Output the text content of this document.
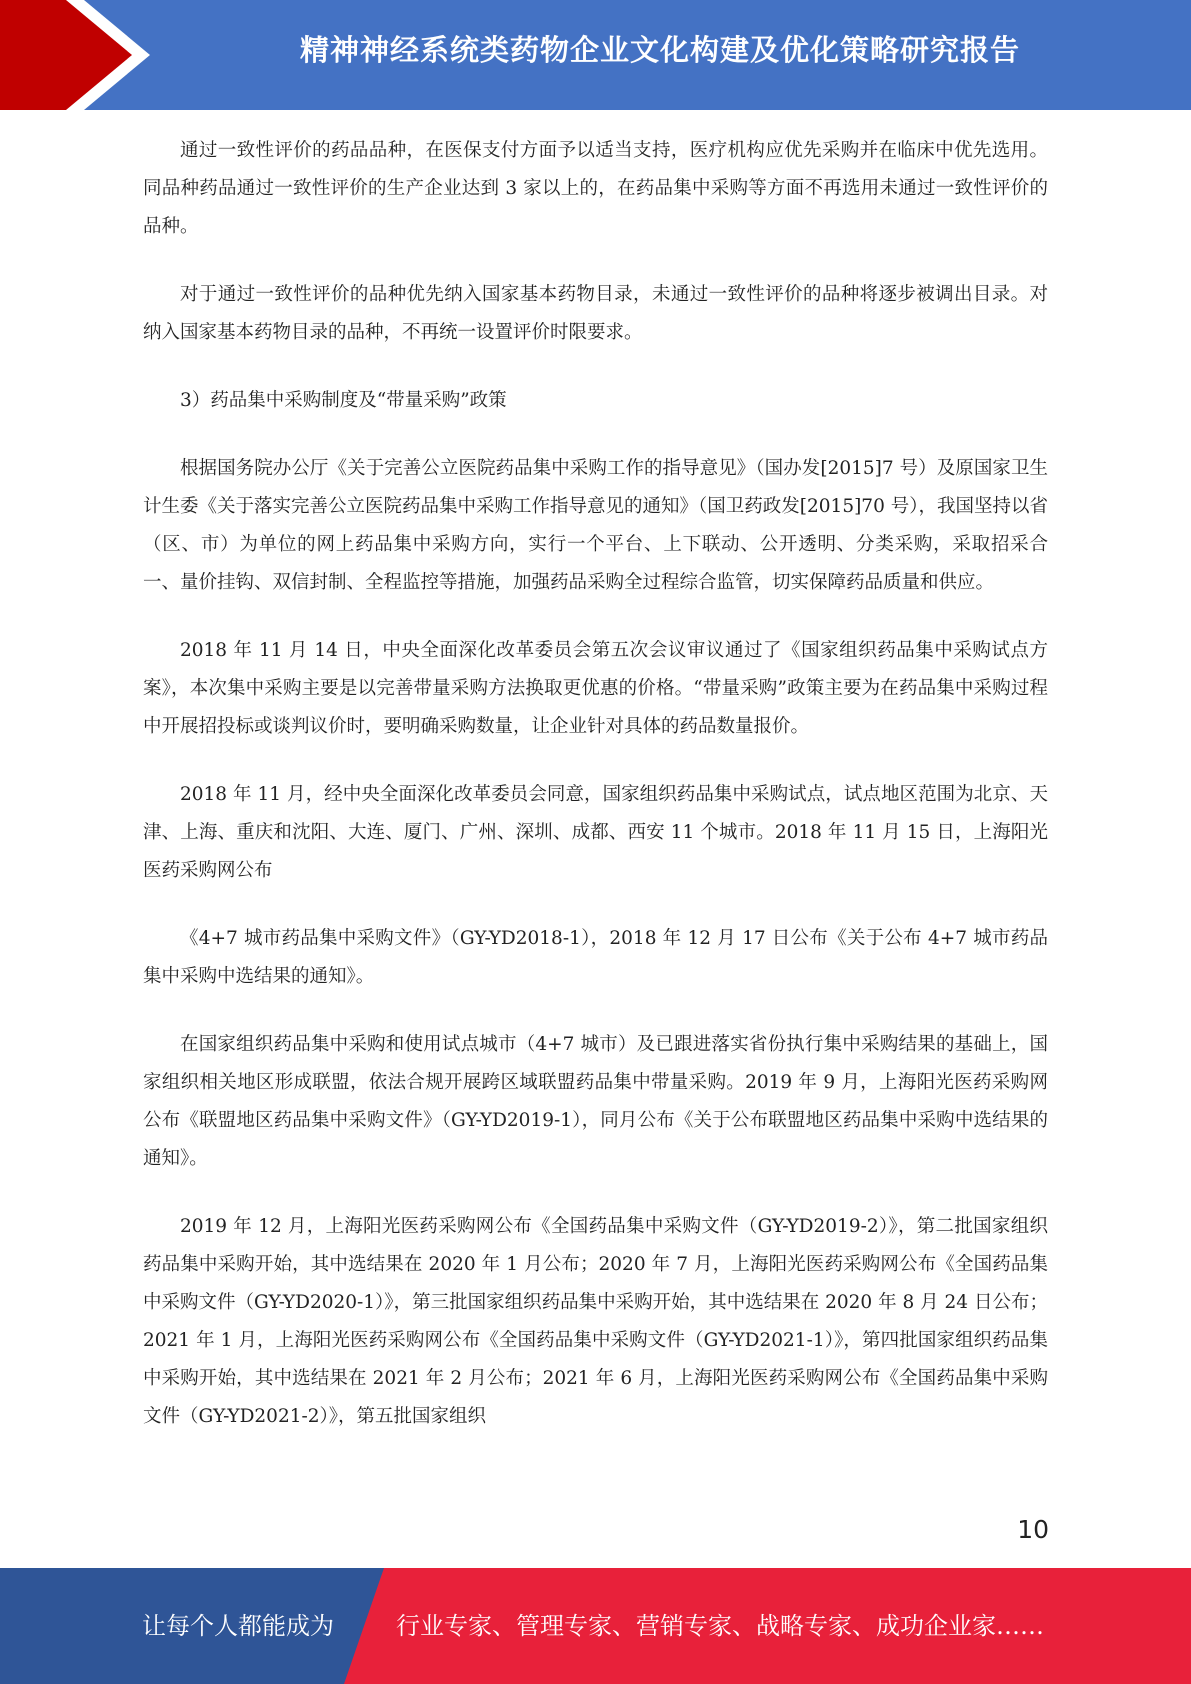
精神神经系统类药物企业文化构建及优化策略研究报告

通过一致性评价的药品品种，在医保支付方面予以适当支持，医疗机构应优先采购并在临床中优先选用。同品种药品通过一致性评价的生产企业达到 3 家以上的，在药品集中采购等方面不再选用未通过一致性评价的品种。

对于通过一致性评价的品种优先纳入国家基本药物目录，未通过一致性评价的品种将逐步被调出目录。对纳入国家基本药物目录的品种，不再统一设置评价时限要求。

3）药品集中采购制度及“带量采购”政策

根据国务院办公厅《关于完善公立医院药品集中采购工作的指导意见》（国办发[2015]7 号）及原国家卫生计生委《关于落实完善公立医院药品集中采购工作指导意见的通知》（国卫药政发[2015]70 号），我国坚持以省（区、市）为单位的网上药品集中采购方向，实行一个平台、上下联动、公开透明、分类采购，采取招采合一、量价挂钩、双信封制、全程监控等措施，加强药品采购全过程综合监管，切实保障药品质量和供应。

2018 年 11 月 14 日，中央全面深化改革委员会第五次会议审议通过了《国家组织药品集中采购试点方案》，本次集中采购主要是以完善带量采购方法换取更优惠的价格。“带量采购”政策主要为在药品集中采购过程中开展招投标或谈判议价时，要明确采购数量，让企业针对具体的药品数量报价。

2018 年 11 月，经中央全面深化改革委员会同意，国家组织药品集中采购试点，试点地区范围为北京、天津、上海、重庆和沈阳、大连、厦门、广州、深圳、成都、西安 11 个城市。2018 年 11 月 15 日，上海阳光医药采购网公布

《4+7 城市药品集中采购文件》（GY-YD2018-1），2018 年 12 月 17 日公布《关于公布 4+7 城市药品集中采购中选结果的通知》。

在国家组织药品集中采购和使用试点城市（4+7 城市）及已跟进落实省份执行集中采购结果的基础上，国家组织相关地区形成联盟，依法合规开展跨区域联盟药品集中带量采购。2019 年 9 月，上海阳光医药采购网公布《联盟地区药品集中采购文件》（GY-YD2019-1），同月公布《关于公布联盟地区药品集中采购中选结果的通知》。

2019 年 12 月，上海阳光医药采购网公布《全国药品集中采购文件（GY-YD2019-2）》，第二批国家组织药品集中采购开始，其中选结果在 2020 年 1 月公布；2020 年 7 月，上海阳光医药采购网公布《全国药品集中采购文件（GY-YD2020-1）》，第三批国家组织药品集中采购开始，其中选结果在 2020 年 8 月 24 日公布；2021 年 1 月，上海阳光医药采购网公布《全国药品集中采购文件（GY-YD2021-1）》，第四批国家组织药品集中采购开始，其中选结果在 2021 年 2 月公布；2021 年 6 月，上海阳光医药采购网公布《全国药品集中采购文件（GY-YD2021-2）》，第五批国家组织

10
让每个人都能成为	行业专家、管理专家、营销专家、战略专家、成功企业家……
